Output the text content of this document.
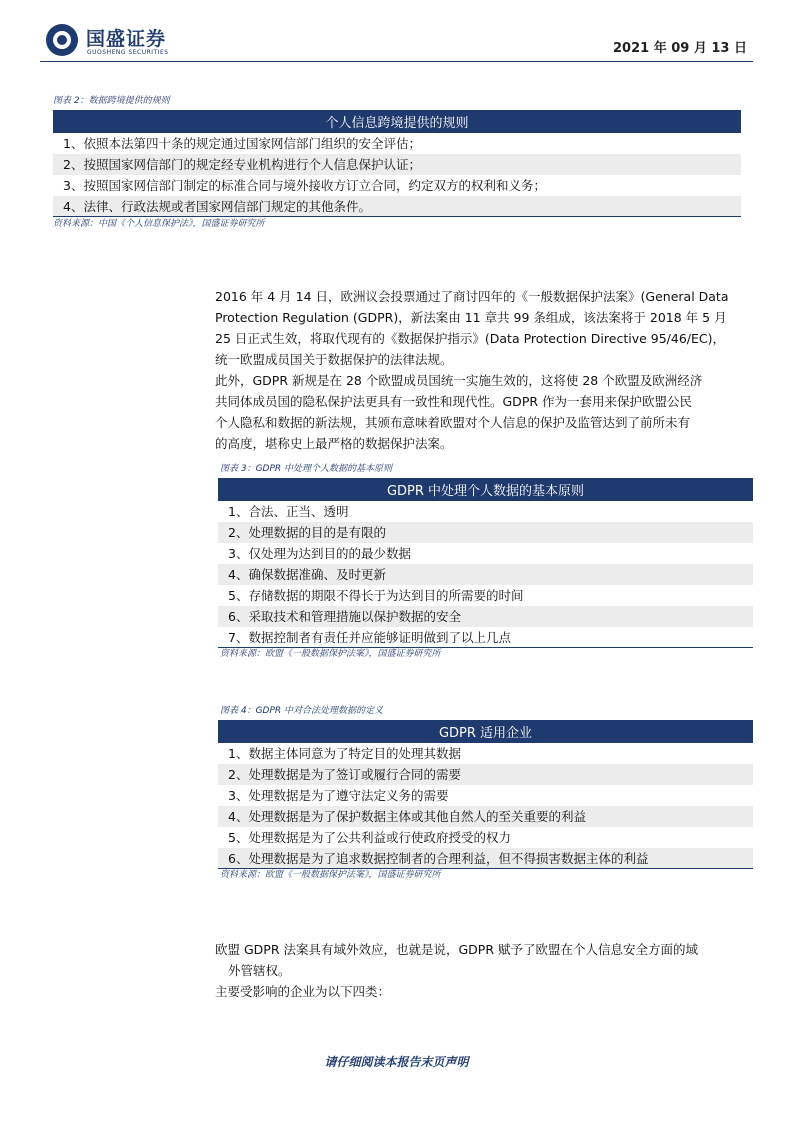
国盛证券
GUOSHENG SECURITIES	2021 年 09 月 13 日
图表 2：数据跨境提供的规则
个人信息跨境提供的规则
1、依照本法第四十条的规定通过国家网信部门组织的安全评估；
2、按照国家网信部门的规定经专业机构进行个人信息保护认证；
3、按照国家网信部门制定的标准合同与境外接收方订立合同，约定双方的权利和义务；
4、法律、行政法规或者国家网信部门规定的其他条件。
资料来源：中国《个人信息保护法》，国盛证券研究所
2016 年 4 月 14 日，欧洲议会投票通过了商讨四年的《一般数据保护法案》(General Data
Protection Regulation (GDPR)，新法案由 11 章共 99 条组成，该法案将于 2018 年 5 月
25 日正式生效，将取代现有的《数据保护指示》(Data Protection Directive 95/46/EC)，
统一欧盟成员国关于数据保护的法律法规。
此外，GDPR 新规是在 28 个欧盟成员国统一实施生效的，这将使 28 个欧盟及欧洲经济
共同体成员国的隐私保护法更具有一致性和现代性。GDPR 作为一套用来保护欧盟公民
个人隐私和数据的新法规，其颁布意味着欧盟对个人信息的保护及监管达到了前所未有
的高度，堪称史上最严格的数据保护法案。
图表 3：GDPR 中处理个人数据的基本原则
GDPR 中处理个人数据的基本原则
1、合法、正当、透明
2、处理数据的目的是有限的
3、仅处理为达到目的的最少数据
4、确保数据准确、及时更新
5、存储数据的期限不得长于为达到目的所需要的时间
6、采取技术和管理措施以保护数据的安全
7、数据控制者有责任并应能够证明做到了以上几点
资料来源：欧盟《一般数据保护法案》，国盛证券研究所
图表 4：GDPR 中对合法处理数据的定义
GDPR 适用企业
1、数据主体同意为了特定目的处理其数据
2、处理数据是为了签订或履行合同的需要
3、处理数据是为了遵守法定义务的需要
4、处理数据是为了保护数据主体或其他自然人的至关重要的利益
5、处理数据是为了公共利益或行使政府授受的权力
6、处理数据是为了追求数据控制者的合理利益，但不得损害数据主体的利益
资料来源：欧盟《一般数据保护法案》，国盛证券研究所
欧盟 GDPR 法案具有域外效应，也就是说，GDPR 赋予了欧盟在个人信息安全方面的域
外管辖权。
主要受影响的企业为以下四类：
请仔细阅读本报告末页声明
